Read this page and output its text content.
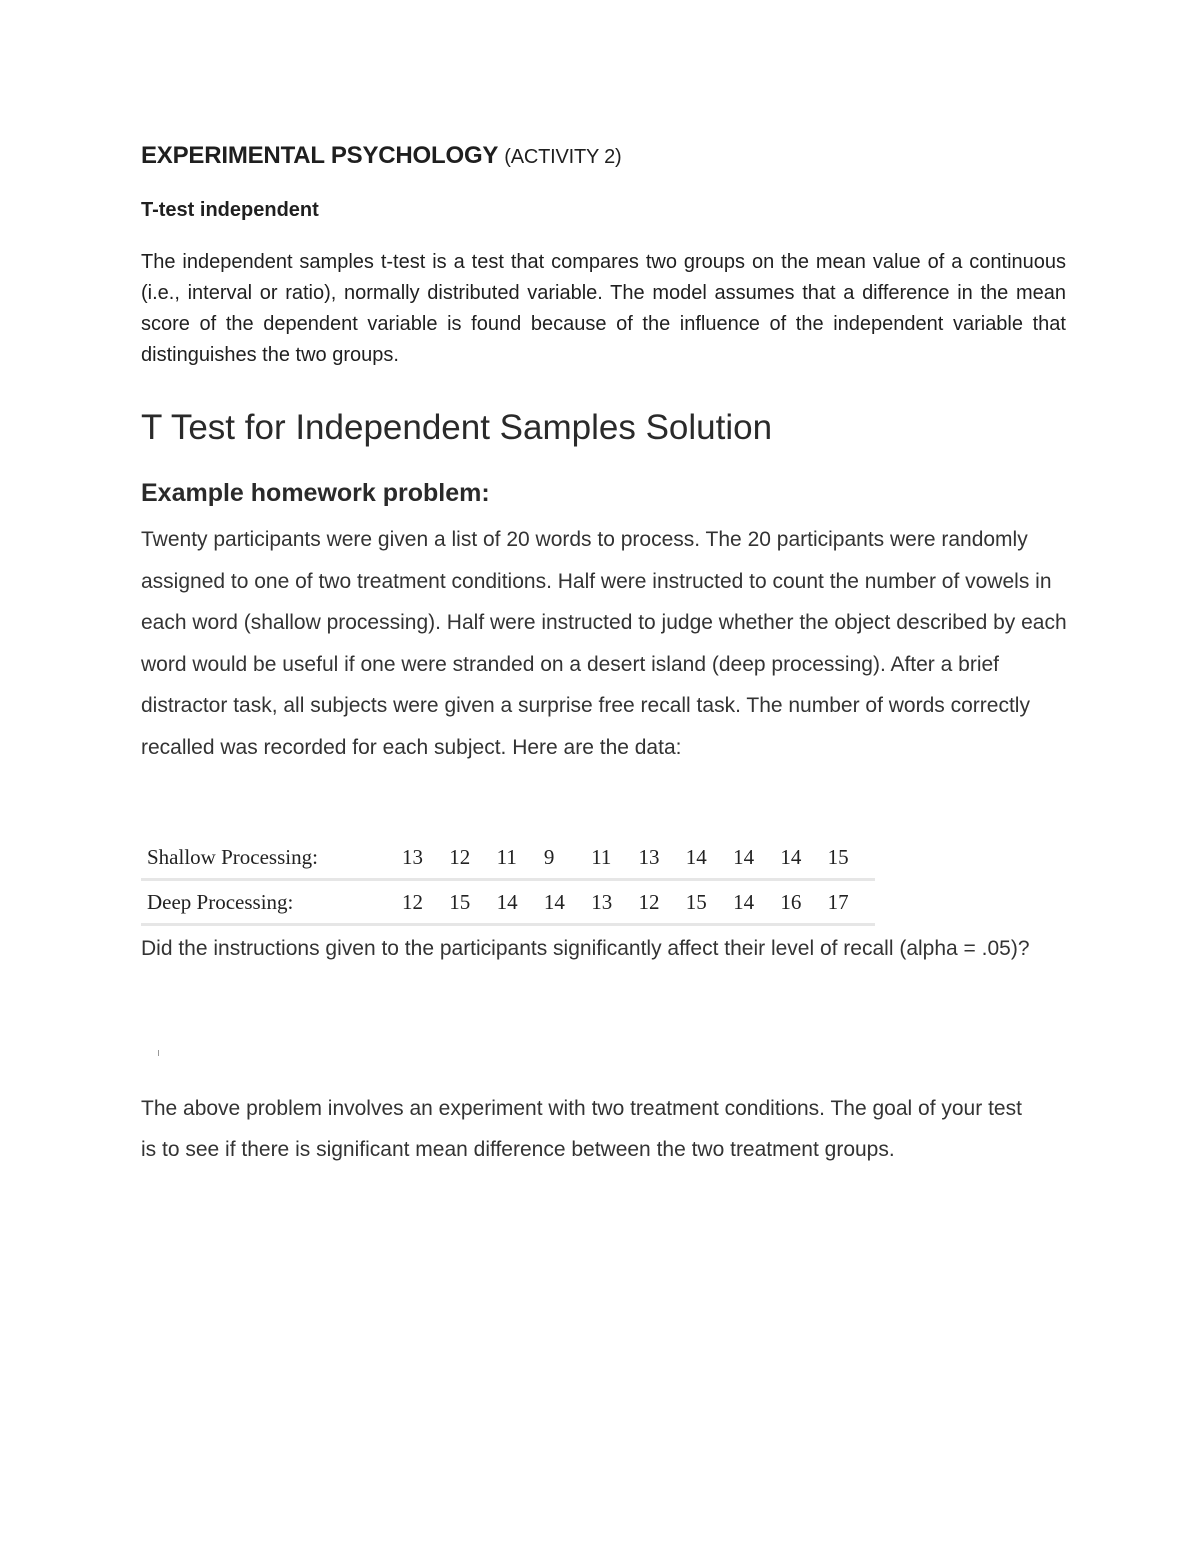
EXPERIMENTAL PSYCHOLOGY (ACTIVITY 2)
T-test independent

The independent samples t-test is a test that compares two groups on the mean value of a continuous (i.e., interval or ratio), normally distributed variable. The model assumes that a difference in the mean score of the dependent variable is found because of the influence of the independent variable that distinguishes the two groups.

T Test for Independent Samples Solution
Example homework problem:

Twenty participants were given a list of 20 words to process. The 20 participants were randomly assigned to one of two treatment conditions. Half were instructed to count the number of vowels in each word (shallow processing). Half were instructed to judge whether the object described by each word would be useful if one were stranded on a desert island (deep processing). After a brief distractor task, all subjects were given a surprise free recall task. The number of words correctly recalled was recorded for each subject. Here are the data:

Shallow Processing:	13	12	11	9	11	13	14	14	14	15
Deep Processing:	12	15	14	14	13	12	15	14	16	17

Did the instructions given to the participants significantly affect their level of recall (alpha = .05)?

The above problem involves an experiment with two treatment conditions. The goal of your test is to see if there is significant mean difference between the two treatment groups.
